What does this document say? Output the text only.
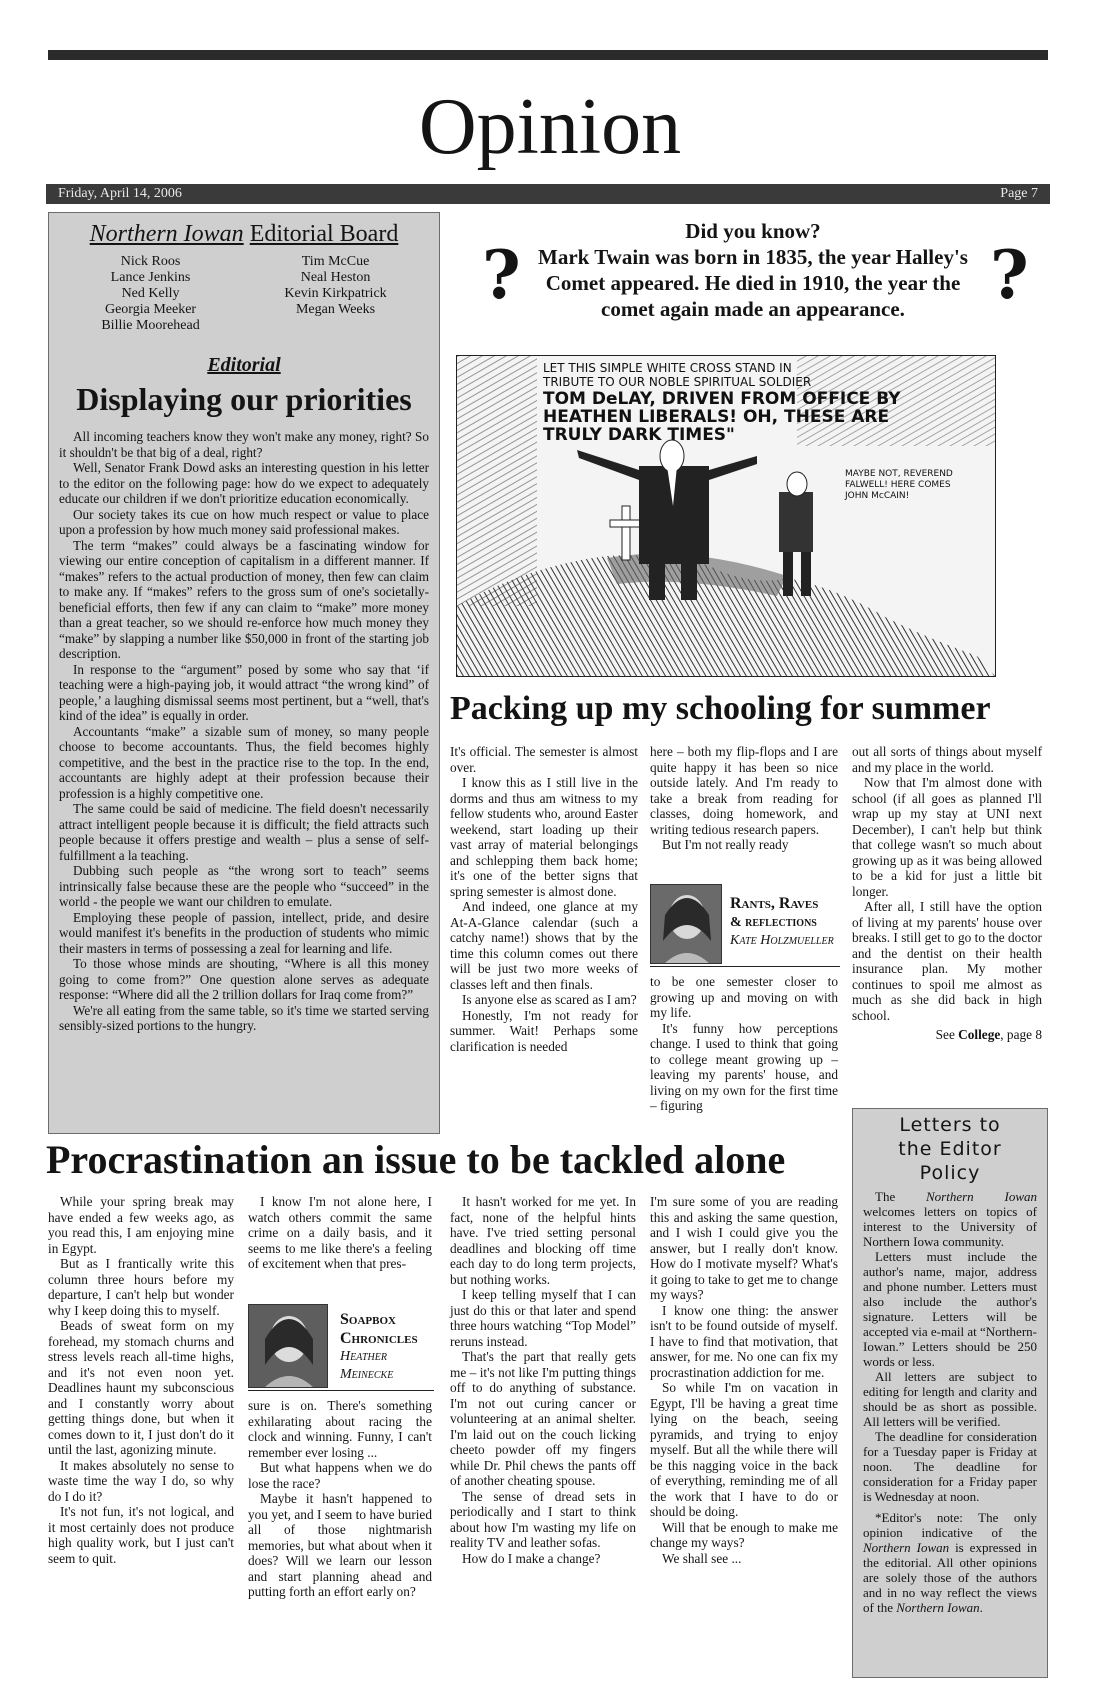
Opinion
Friday, April 14, 2006	Page 7
Northern Iowan Editorial Board
Nick Roos
Lance Jenkins
Ned Kelly
Georgia Meeker
Billie Moorehead
Tim McCue
Neal Heston
Kevin Kirkpatrick
Megan Weeks
Editorial
Displaying our priorities

All incoming teachers know they won't make any money, right? So it shouldn't be that big of a deal, right?

Well, Senator Frank Dowd asks an interesting question in his letter to the editor on the following page: how do we expect to adequately educate our children if we don't prioritize education economically.

Our society takes its cue on how much respect or value to place upon a profession by how much money said professional makes.

The term “makes” could always be a fascinating window for viewing our entire conception of capitalism in a different manner. If “makes” refers to the actual production of money, then few can claim to make any. If “makes” refers to the gross sum of one's societally-beneficial efforts, then few if any can claim to “make” more money than a great teacher, so we should re-enforce how much money they “make” by slapping a number like $50,000 in front of the starting job description.

In response to the “argument” posed by some who say that ‘if teaching were a high-paying job, it would attract “the wrong kind” of people,’ a laughing dismissal seems most pertinent, but a “well, that's kind of the idea” is equally in order.

Accountants “make” a sizable sum of money, so many people choose to become accountants. Thus, the field becomes highly competitive, and the best in the practice rise to the top. In the end, accountants are highly adept at their profession because their profession is a highly competitive one.

The same could be said of medicine. The field doesn't necessarily attract intelligent people because it is difficult; the field attracts such people because it offers prestige and wealth – plus a sense of self-fulfillment a la teaching.

Dubbing such people as “the wrong sort to teach” seems intrinsically false because these are the people who “succeed” in the world - the people we want our children to emulate.

Employing these people of passion, intellect, pride, and desire would manifest it's benefits in the production of students who mimic their masters in terms of possessing a zeal for learning and life.

To those whose minds are shouting, “Where is all this money going to come from?” One question alone serves as adequate response: “Where did all the 2 trillion dollars for Iraq come from?”

We're all eating from the same table, so it's time we started serving sensibly-sized portions to the hungry.

?
Did you know?
Mark Twain was born in 1835, the year Halley's Comet appeared. He died in 1910, the year the comet again made an appearance.	?
LET THIS SIMPLE WHITE CROSS STAND IN
TRIBUTE TO OUR NOBLE SPIRITUAL SOLDIER
TOM DeLAY, DRIVEN FROM OFFICE BY
HEATHEN LIBERALS! OH, THESE ARE
TRULY DARK TIMES"
MAYBE NOT, REVEREND
FALWELL! HERE COMES
JOHN McCAIN!
Packing up my schooling for summer

It's official. The semester is almost over.

I know this as I still live in the dorms and thus am witness to my fellow students who, around Easter weekend, start loading up their vast array of material belongings and schlepping them back home; it's one of the better signs that spring semester is almost done.

And indeed, one glance at my At-A-Glance calendar (such a catchy name!) shows that by the time this column comes out there will be just two more weeks of classes left and then finals.

Is anyone else as scared as I am?

Honestly, I'm not ready for summer. Wait! Perhaps some clarification is needed

here – both my flip-flops and I are quite happy it has been so nice outside lately. And I'm ready to take a break from reading for classes, doing homework, and writing tedious research papers.

But I'm not really ready

Rants, Raves
& reflections
Kate Holzmueller

to be one semester closer to growing up and moving on with my life.

It's funny how perceptions change. I used to think that going to college meant growing up – leaving my parents' house, and living on my own for the first time – figuring

out all sorts of things about myself and my place in the world.

Now that I'm almost done with school (if all goes as planned I'll wrap up my stay at UNI next December), I can't help but think that college wasn't so much about growing up as it was being allowed to be a kid for just a little bit longer.

After all, I still have the option of living at my parents' house over breaks. I still get to go to the doctor and the dentist on their health insurance plan. My mother continues to spoil me almost as much as she did back in high school.

See College, page 8

Procrastination an issue to be tackled alone

While your spring break may have ended a few weeks ago, as you read this, I am enjoying mine in Egypt.

But as I frantically write this column three hours before my departure, I can't help but wonder why I keep doing this to myself.

Beads of sweat form on my forehead, my stomach churns and stress levels reach all-time highs, and it's not even noon yet. Deadlines haunt my subconscious and I constantly worry about getting things done, but when it comes down to it, I just don't do it until the last, agonizing minute.

It makes absolutely no sense to waste time the way I do, so why do I do it?

It's not fun, it's not logical, and it most certainly does not produce high quality work, but I just can't seem to quit.

I know I'm not alone here, I watch others commit the same crime on a daily basis, and it seems to me like there's a feeling of excitement when that pres-

Soapbox
Chronicles
Heather
Meinecke

sure is on. There's something exhilarating about racing the clock and winning. Funny, I can't remember ever losing ...

But what happens when we do lose the race?

Maybe it hasn't happened to you yet, and I seem to have buried all of those nightmarish memories, but what about when it does? Will we learn our lesson and start planning ahead and putting forth an effort early on?

It hasn't worked for me yet. In fact, none of the helpful hints have. I've tried setting personal deadlines and blocking off time each day to do long term projects, but nothing works.

I keep telling myself that I can just do this or that later and spend three hours watching “Top Model” reruns instead.

That's the part that really gets me – it's not like I'm putting things off to do anything of substance. I'm not out curing cancer or volunteering at an animal shelter. I'm laid out on the couch licking cheeto powder off my fingers while Dr. Phil chews the pants off of another cheating spouse.

The sense of dread sets in periodically and I start to think about how I'm wasting my life on reality TV and leather sofas.

How do I make a change?

I'm sure some of you are reading this and asking the same question, and I wish I could give you the answer, but I really don't know. How do I motivate myself? What's it going to take to get me to change my ways?

I know one thing: the answer isn't to be found outside of myself. I have to find that motivation, that answer, for me. No one can fix my procrastination addiction for me.

So while I'm on vacation in Egypt, I'll be having a great time lying on the beach, seeing pyramids, and trying to enjoy myself. But all the while there will be this nagging voice in the back of everything, reminding me of all the work that I have to do or should be doing.

Will that be enough to make me change my ways?

We shall see ...

Letters to
the Editor
Policy

The Northern Iowan welcomes letters on topics of interest to the University of Northern Iowa community.

Letters must include the author's name, major, address and phone number. Letters must also include the author's signature. Letters will be accepted via e-mail at “Northern-Iowan.” Letters should be 250 words or less.

All letters are subject to editing for length and clarity and should be as short as possible. All letters will be verified.

The deadline for consideration for a Tuesday paper is Friday at noon. The deadline for consideration for a Friday paper is Wednesday at noon.

*Editor's note: The only opinion indicative of the Northern Iowan is expressed in the editorial. All other opinions are solely those of the authors and in no way reflect the views of the Northern Iowan.
